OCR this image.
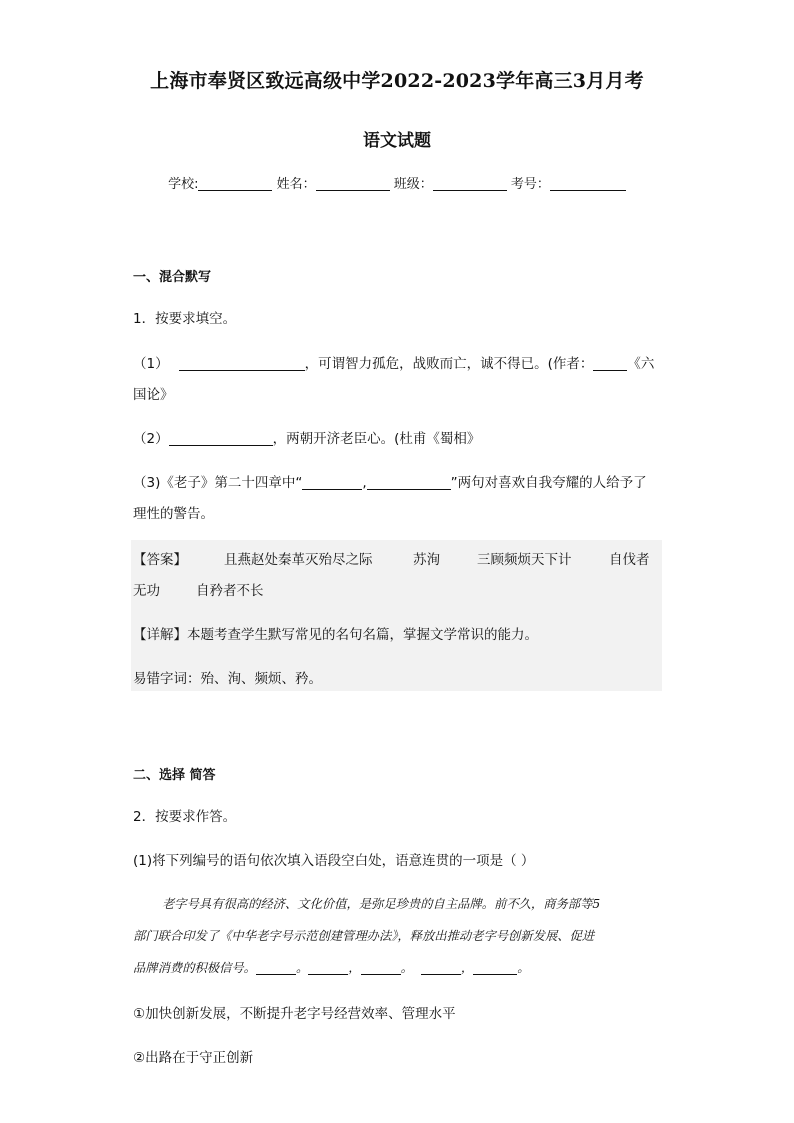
上海市奉贤区致远高级中学2022-2023学年高三3月月考
语文试题
学校:	姓名：	班级：	考号：
一、混合默写
1．按要求填空。
（1）	，可谓智力孤危，战败而亡，诚不得已。(作者：	《六
国论》
（2）	，两朝开济老臣心。(杜甫《蜀相》
（3)《老子》第二十四章中“	,	”两句对喜欢自我夸耀的人给予了
理性的警告。
【答案】	且燕赵处秦革灭殆尽之际	苏洵	三顾频烦天下计	自伐者
无功	自矜者不长
【详解】本题考查学生默写常见的名句名篇，掌握文学常识的能力。
易错字词：殆、洵、频烦、矜。
二、选择 简答
2．按要求作答。
(1)将下列编号的语句依次填入语段空白处，语意连贯的一项是（ ）
老字号具有很高的经济、文化价值，是弥足珍贵的自主品牌。前不久，商务部等5
部门联合印发了《中华老字号示范创建管理办法》，释放出推动老字号创新发展、促进
品牌消费的积极信号。	。	，	。	，	。
①加快创新发展，不断提升老字号经营效率、管理水平
②出路在于守正创新
